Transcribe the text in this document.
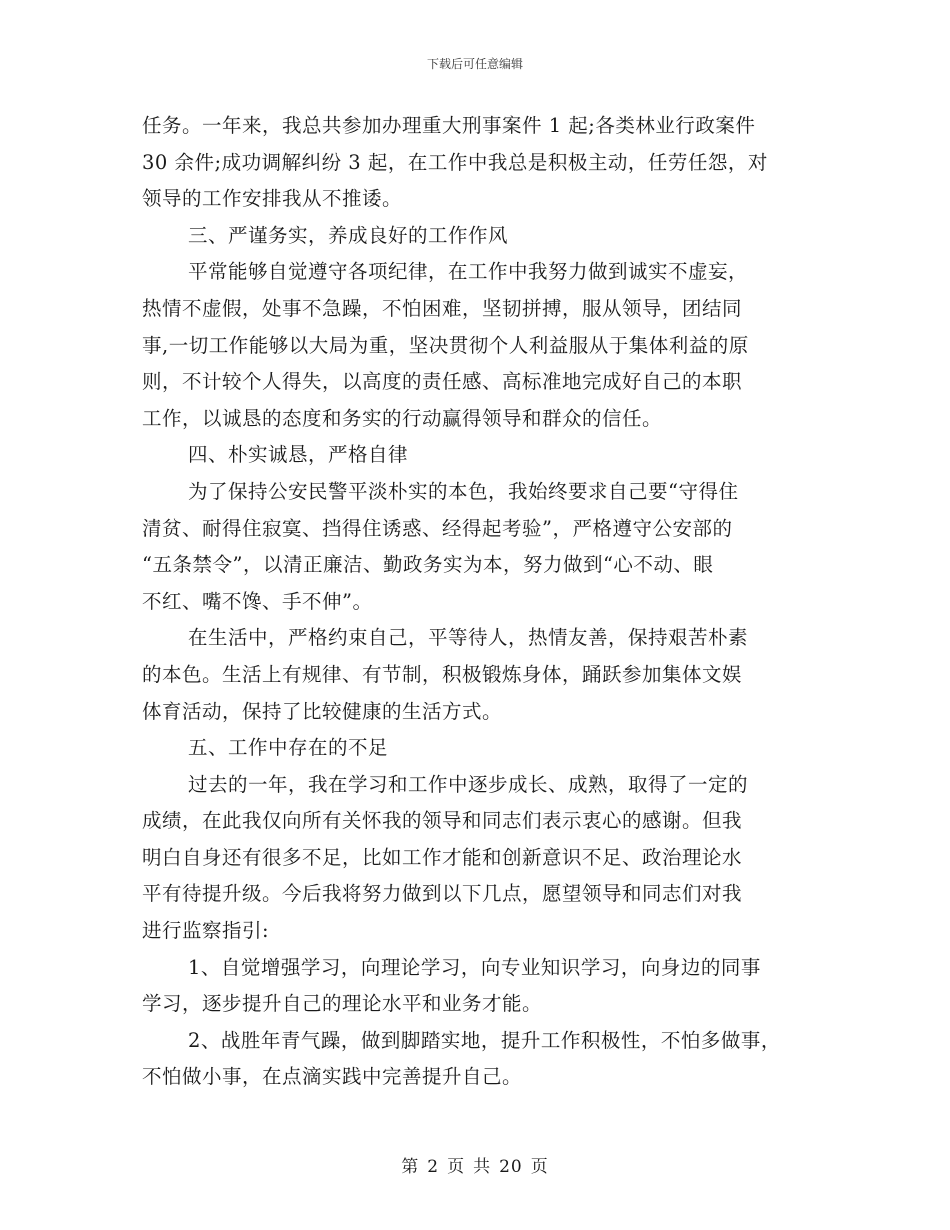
下载后可任意编辑
任务。一年来，我总共参加办理重大刑事案件 1 起;各类林业行政案件
30 余件;成功调解纠纷 3 起，在工作中我总是积极主动，任劳任怨，对
领导的工作安排我从不推诿。
三、严谨务实，养成良好的工作作风
平常能够自觉遵守各项纪律，在工作中我努力做到诚实不虚妄，
热情不虚假，处事不急躁，不怕困难，坚韧拼搏，服从领导，团结同
事,一切工作能够以大局为重，坚决贯彻个人利益服从于集体利益的原
则，不计较个人得失，以高度的责任感、高标准地完成好自己的本职
工作，以诚恳的态度和务实的行动赢得领导和群众的信任。
四、朴实诚恳，严格自律
为了保持公安民警平淡朴实的本色，我始终要求自己要“守得住
清贫、耐得住寂寞、挡得住诱惑、经得起考验”，严格遵守公安部的
“五条禁令”，以清正廉洁、勤政务实为本，努力做到“心不动、眼
不红、嘴不馋、手不伸”。
在生活中，严格约束自己，平等待人，热情友善，保持艰苦朴素
的本色。生活上有规律、有节制，积极锻炼身体，踊跃参加集体文娱
体育活动，保持了比较健康的生活方式。
五、工作中存在的不足
过去的一年，我在学习和工作中逐步成长、成熟，取得了一定的
成绩，在此我仅向所有关怀我的领导和同志们表示衷心的感谢。但我
明白自身还有很多不足，比如工作才能和创新意识不足、政治理论水
平有待提升级。今后我将努力做到以下几点，愿望领导和同志们对我
进行监察指引:
1、自觉增强学习，向理论学习，向专业知识学习，向身边的同事
学习，逐步提升自己的理论水平和业务才能。
2、战胜年青气躁，做到脚踏实地，提升工作积极性，不怕多做事，
不怕做小事，在点滴实践中完善提升自己。
第 2 页 共 20 页
